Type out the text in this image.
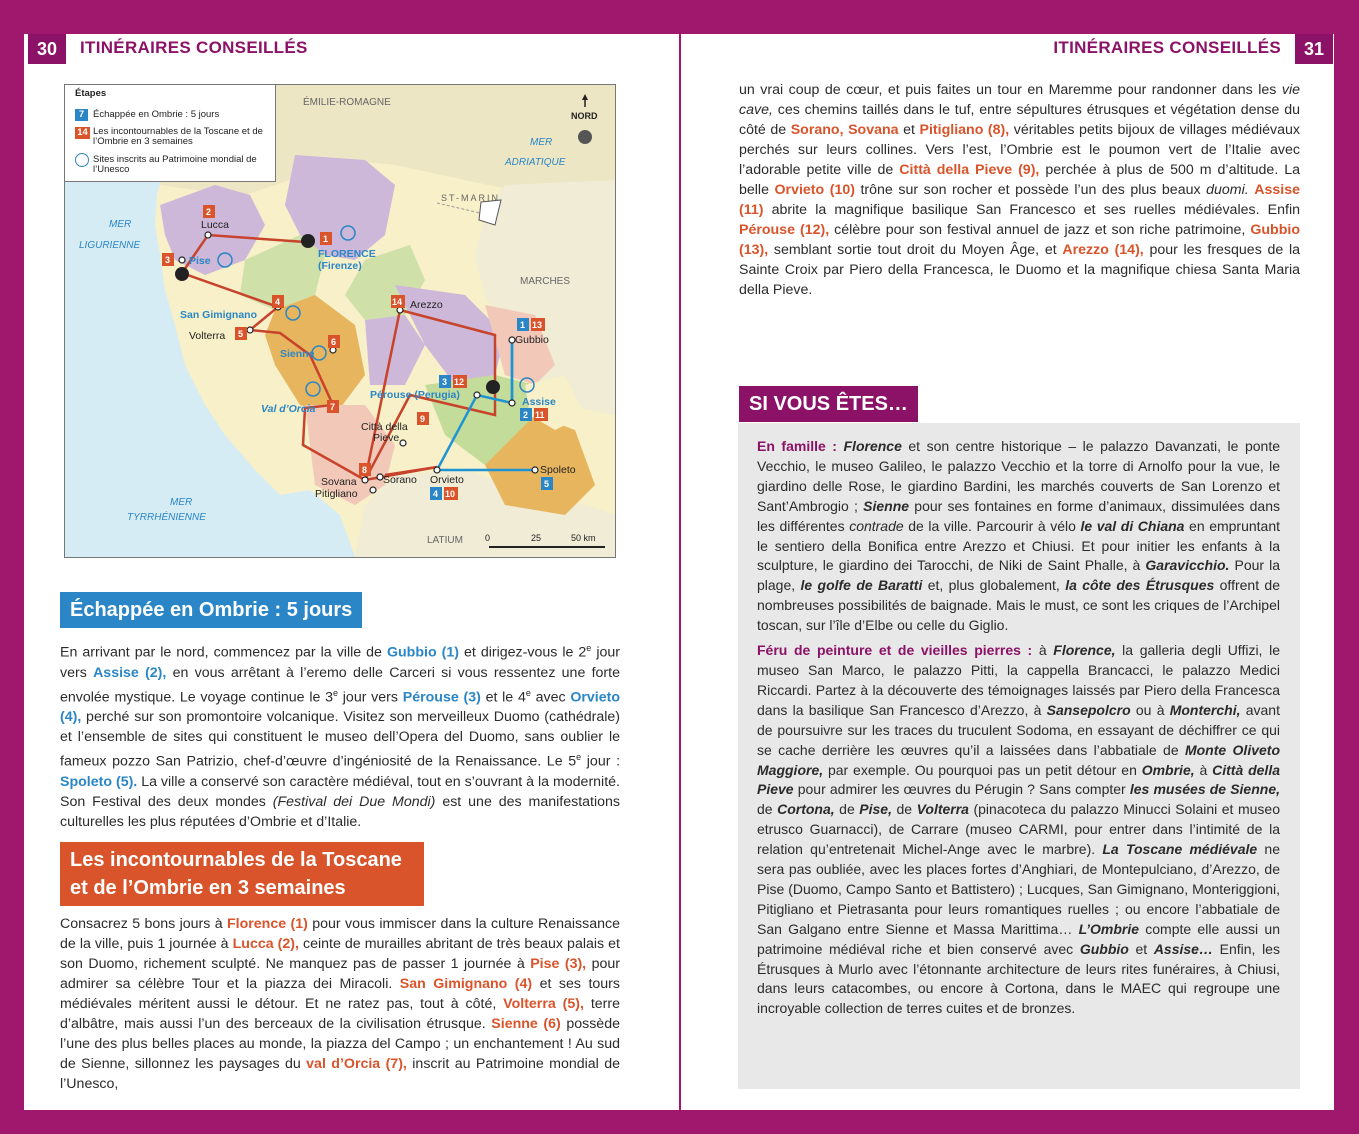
30	ITINÉRAIRES CONSEILLÉS	ITINÉRAIRES CONSEILLÉS	31
MER
LIGURIENNE
MER
TYRRHÉNIENNE
MER
ADRIATIQUE
ÉMILIE-ROMAGNE
ST-MARIN
MARCHES
LATIUM
NORD
0	25	50 km
2
1
3
4
5
6
7
14
1 13
3 12
2 11
9
8
4 10
5
Lucca
FLORENCE
(Firenze)
Pise
San Gimignano
Volterra
Sienne
Arezzo
Gubbio
Pérouse (Perugia)
Assise
Val d’Orcia
Città della
Pieve
Sovana
Pitigliano
Sorano Orvieto
Spoleto
Étapes
7 Échappée en Ombrie : 5 jours
14 Les incontournables de la Toscane et de l’Ombrie en 3 semaines
Sites inscrits au Patrimoine mondial de l’Unesco
Échappée en Ombrie : 5 jours

En arrivant par le nord, commencez par la ville de Gubbio (1) et dirigez-vous le 2e jour vers Assise (2), en vous arrêtant à l’eremo delle Carceri si vous ressentez une forte envolée mystique. Le voyage continue le 3e jour vers Pérouse (3) et le 4e avec Orvieto (4), perché sur son promontoire volcanique. Visitez son merveilleux Duomo (cathédrale) et l’ensemble de sites qui constituent le museo dell’Opera del Duomo, sans oublier le fameux pozzo San Patrizio, chef-d’œuvre d’ingéniosité de la Renaissance. Le 5e jour : Spoleto (5). La ville a conservé son caractère médiéval, tout en s’ouvrant à la modernité. Son Festival des deux mondes (Festival dei Due Mondi) est une des manifestations culturelles les plus réputées d’Ombrie et d’Italie.

Les incontournables de la Toscane
et de l’Ombrie en 3 semaines

Consacrez 5 bons jours à Florence (1) pour vous immiscer dans la culture Renaissance de la ville, puis 1 journée à Lucca (2), ceinte de murailles abritant de très beaux palais et son Duomo, richement sculpté. Ne manquez pas de passer 1 journée à Pise (3), pour admirer sa célèbre Tour et la piazza dei Miracoli. San Gimignano (4) et ses tours médiévales méritent aussi le détour. Et ne ratez pas, tout à côté, Volterra (5), terre d’albâtre, mais aussi l’un des berceaux de la civilisation étrusque. Sienne (6) possède l’une des plus belles places au monde, la piazza del Campo ; un enchantement ! Au sud de Sienne, sillonnez les paysages du val d’Orcia (7), inscrit au Patrimoine mondial de l’Unesco,

un vrai coup de cœur, et puis faites un tour en Maremme pour randonner dans les vie cave, ces chemins taillés dans le tuf, entre sépultures étrusques et végétation dense du côté de Sorano, Sovana et Pitigliano (8), véritables petits bijoux de villages médiévaux perchés sur leurs collines. Vers l’est, l’Ombrie est le poumon vert de l’Italie avec l’adorable petite ville de Città della Pieve (9), perchée à plus de 500 m d’altitude. La belle Orvieto (10) trône sur son rocher et possède l’un des plus beaux duomi. Assise (11) abrite la magnifique basilique San Francesco et ses ruelles médiévales. Enfin Pérouse (12), célèbre pour son festival annuel de jazz et son riche patrimoine, Gubbio (13), semblant sortie tout droit du Moyen Âge, et Arezzo (14), pour les fresques de la Sainte Croix par Piero della Francesca, le Duomo et la magnifique chiesa Santa Maria della Pieve.

SI VOUS ÊTES…

En famille : Florence et son centre historique – le palazzo Davanzati, le ponte Vecchio, le museo Galileo, le palazzo Vecchio et la torre di Arnolfo pour la vue, le giardino delle Rose, le giardino Bardini, les marchés couverts de San Lorenzo et Sant’Ambrogio ; Sienne pour ses fontaines en forme d’animaux, dissimulées dans les différentes contrade de la ville. Parcourir à vélo le val di Chiana en empruntant le sentiero della Bonifica entre Arezzo et Chiusi. Et pour initier les enfants à la sculpture, le giardino dei Tarocchi, de Niki de Saint Phalle, à Garavicchio. Pour la plage, le golfe de Baratti et, plus globalement, la côte des Étrusques offrent de nombreuses possibilités de baignade. Mais le must, ce sont les criques de l’Archipel toscan, sur l’île d’Elbe ou celle du Giglio.

Féru de peinture et de vieilles pierres : à Florence, la galleria degli Uffizi, le museo San Marco, le palazzo Pitti, la cappella Brancacci, le palazzo Medici Riccardi. Partez à la découverte des témoignages laissés par Piero della Francesca dans la basilique San Francesco d’Arezzo, à Sansepolcro ou à Monterchi, avant de poursuivre sur les traces du truculent Sodoma, en essayant de déchiffrer ce qui se cache derrière les œuvres qu’il a laissées dans l’abbatiale de Monte Oliveto Maggiore, par exemple. Ou pourquoi pas un petit détour en Ombrie, à Città della Pieve pour admirer les œuvres du Pérugin ? Sans compter les musées de Sienne, de Cortona, de Pise, de Volterra (pinacoteca du palazzo Minucci Solaini et museo etrusco Guarnacci), de Carrare (museo CARMI, pour entrer dans l’intimité de la relation qu’entretenait Michel-Ange avec le marbre). La Toscane médiévale ne sera pas oubliée, avec les places fortes d’Anghiari, de Montepulciano, d’Arezzo, de Pise (Duomo, Campo Santo et Battistero) ; Lucques, San Gimignano, Monteriggioni, Pitigliano et Pietrasanta pour leurs romantiques ruelles ; ou encore l’abbatiale de San Galgano entre Sienne et Massa Marittima… L’Ombrie compte elle aussi un patrimoine médiéval riche et bien conservé avec Gubbio et Assise… Enfin, les Étrusques à Murlo avec l’étonnante architecture de leurs rites funéraires, à Chiusi, dans leurs catacombes, ou encore à Cortona, dans le MAEC qui regroupe une incroyable collection de terres cuites et de bronzes.
